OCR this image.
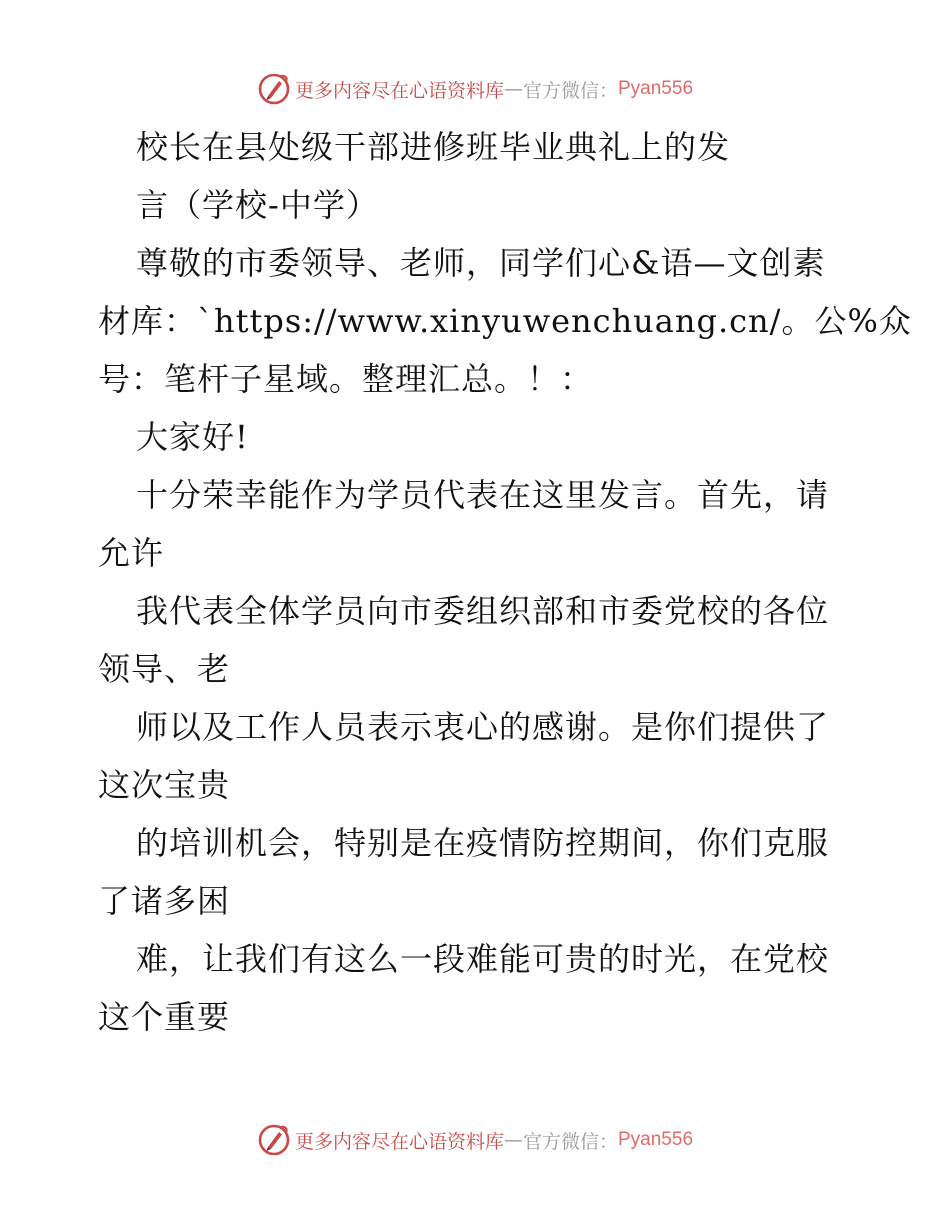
更多内容尽在心语资料库 — 官方微信： Pyan556
校长在县处级干部进修班毕业典礼上的发
言（学校-中学）
尊敬的市委领导、老师，同学们心&语—文创素
材库：`https://www.xinyuwenchuang.cn/。公%众
号：笔杆子星域。整理汇总。！：
大家好!
十分荣幸能作为学员代表在这里发言。首先，请
允许
我代表全体学员向市委组织部和市委党校的各位
领导、老
师以及工作人员表示衷心的感谢。是你们提供了
这次宝贵
的培训机会，特别是在疫情防控期间，你们克服
了诸多困
难，让我们有这么一段难能可贵的时光，在党校
这个重要
更多内容尽在心语资料库 — 官方微信： Pyan556
